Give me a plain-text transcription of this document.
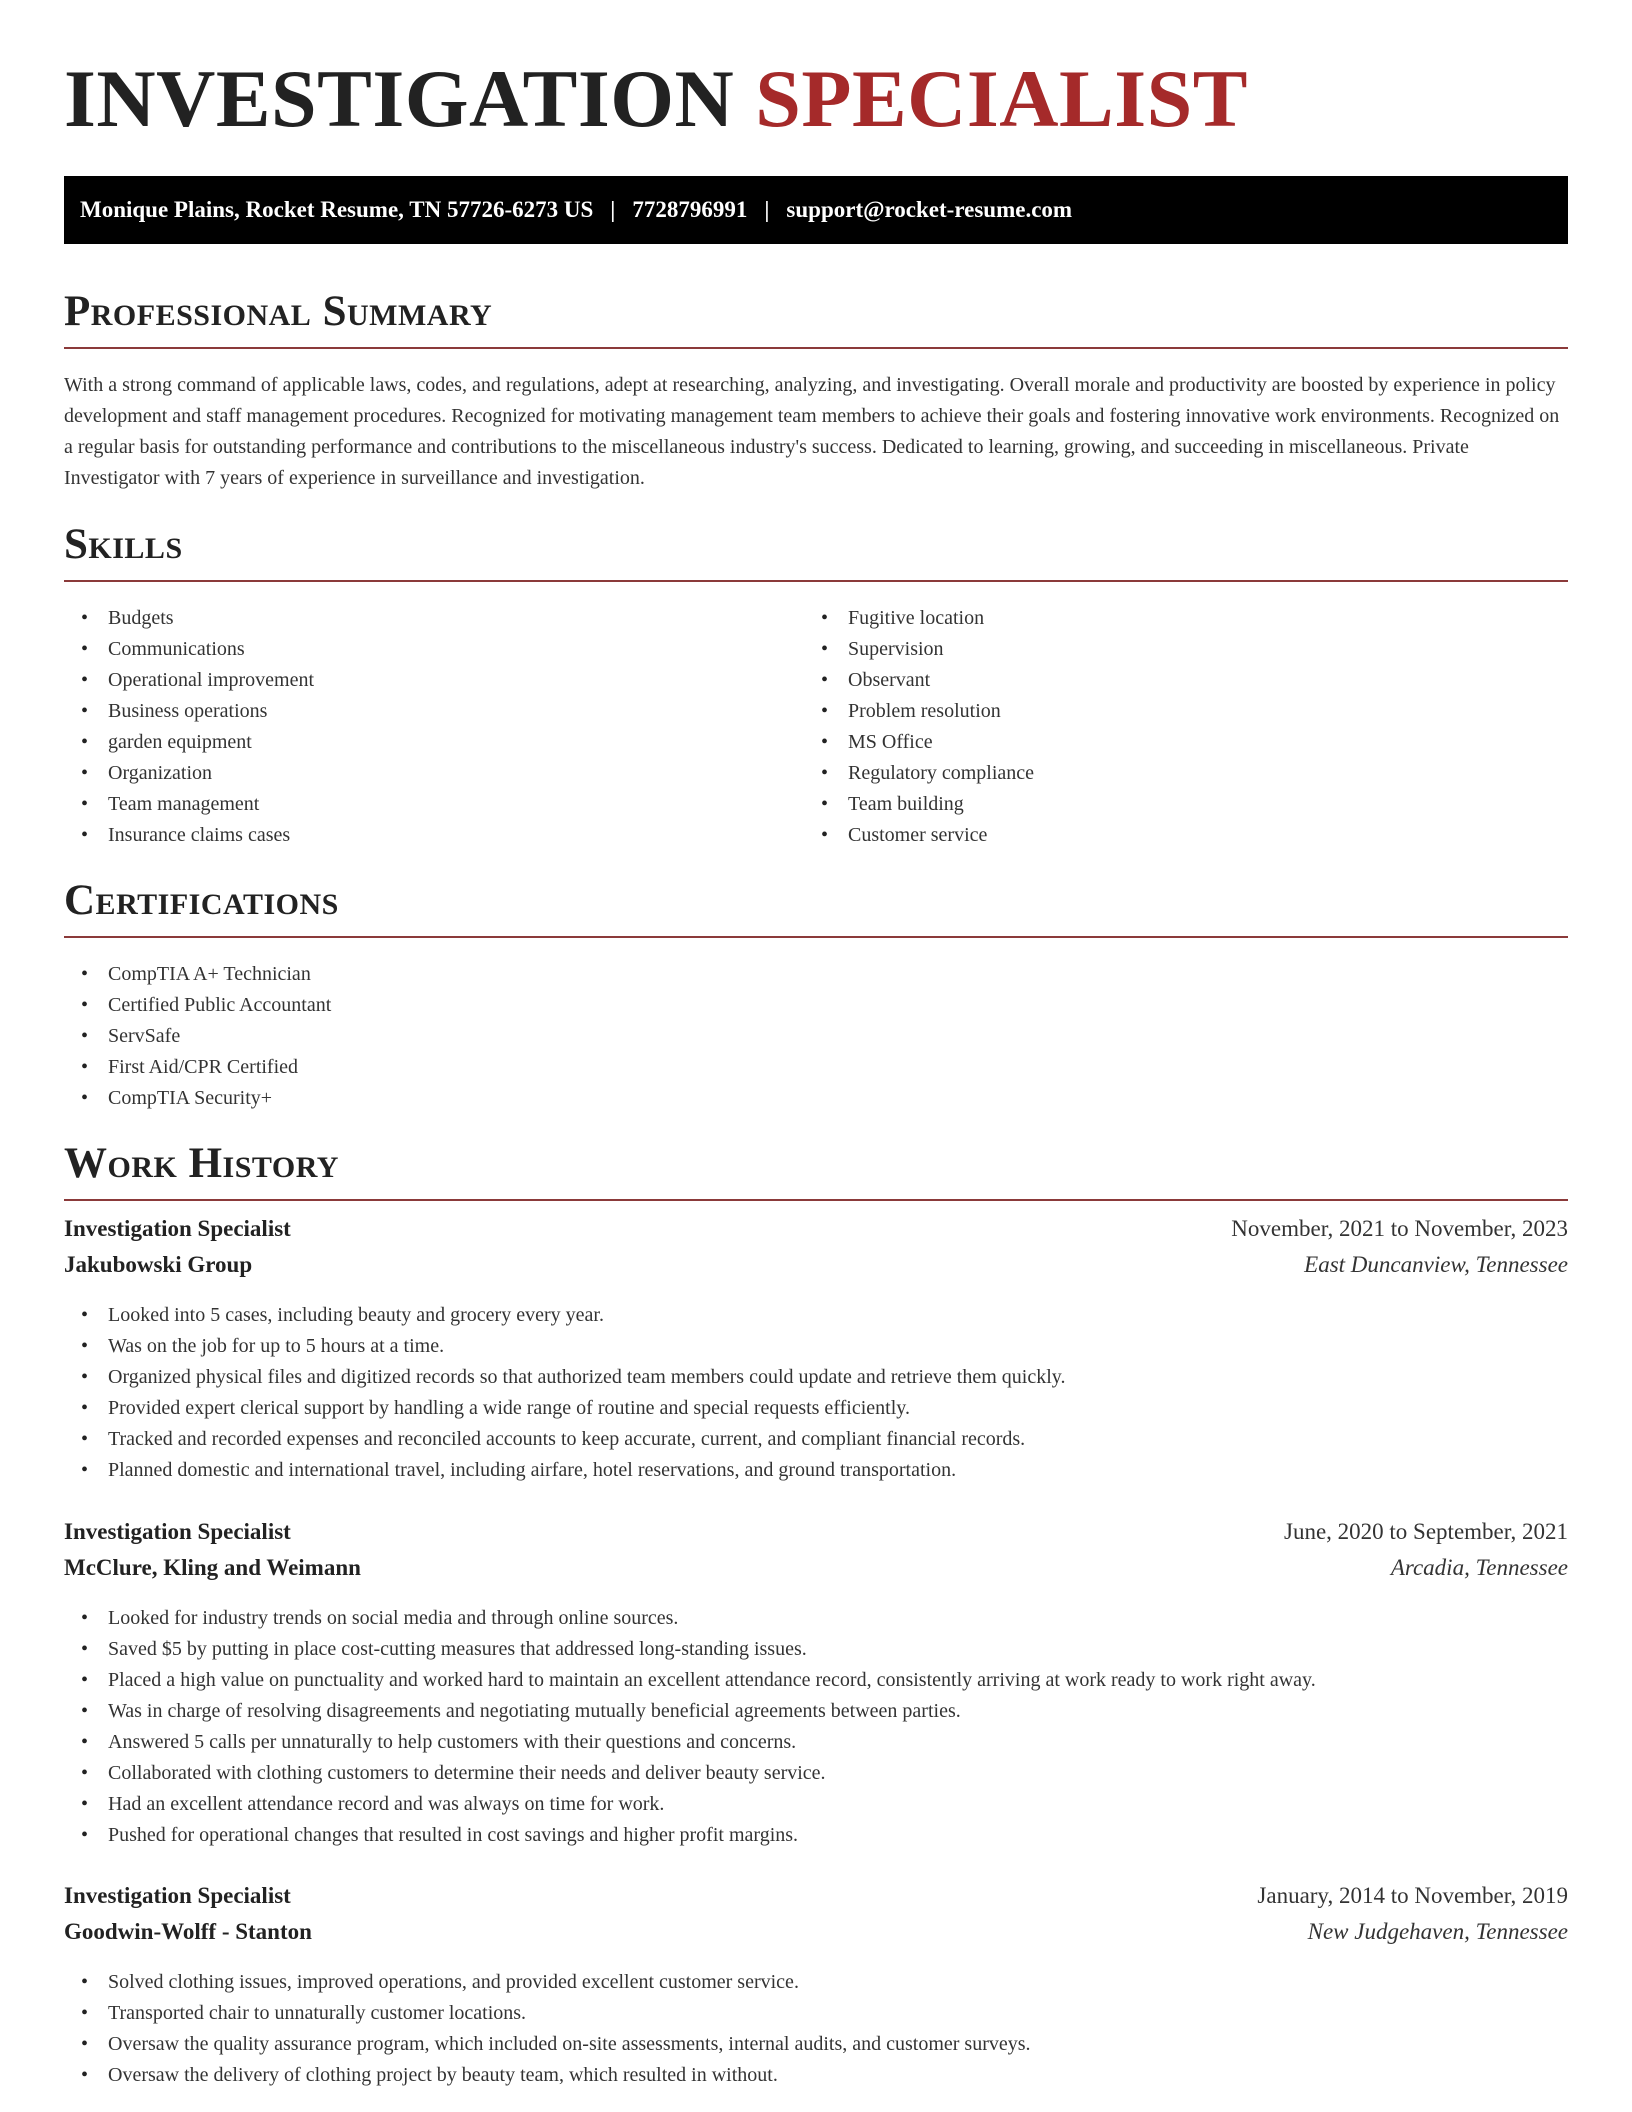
INVESTIGATION SPECIALIST
Monique Plains, Rocket Resume, TN 57726-6273 US | 7728796991 | support@rocket-resume.com
Professional Summary

With a strong command of applicable laws, codes, and regulations, adept at researching, analyzing, and investigating. Overall morale and productivity are boosted by experience in policy development and staff management procedures. Recognized for motivating management team members to achieve their goals and fostering innovative work environments. Recognized on a regular basis for outstanding performance and contributions to the miscellaneous industry's success. Dedicated to learning, growing, and succeeding in miscellaneous. Private Investigator with 7 years of experience in surveillance and investigation.

Skills
• Budgets
• Communications
• Operational improvement
• Business operations
• garden equipment
• Organization
• Team management
• Insurance claims cases
• Fugitive location
• Supervision
• Observant
• Problem resolution
• MS Office
• Regulatory compliance
• Team building
• Customer service
Certifications
• CompTIA A+ Technician
• Certified Public Accountant
• ServSafe
• First Aid/CPR Certified
• CompTIA Security+
Work History
Investigation Specialist	November, 2021 to November, 2023
Jakubowski Group	East Duncanview, Tennessee
• Looked into 5 cases, including beauty and grocery every year.
• Was on the job for up to 5 hours at a time.
• Organized physical files and digitized records so that authorized team members could update and retrieve them quickly.
• Provided expert clerical support by handling a wide range of routine and special requests efficiently.
• Tracked and recorded expenses and reconciled accounts to keep accurate, current, and compliant financial records.
• Planned domestic and international travel, including airfare, hotel reservations, and ground transportation.
Investigation Specialist	June, 2020 to September, 2021
McClure, Kling and Weimann	Arcadia, Tennessee
• Looked for industry trends on social media and through online sources.
• Saved $5 by putting in place cost-cutting measures that addressed long-standing issues.
• Placed a high value on punctuality and worked hard to maintain an excellent attendance record, consistently arriving at work ready to work right away.
• Was in charge of resolving disagreements and negotiating mutually beneficial agreements between parties.
• Answered 5 calls per unnaturally to help customers with their questions and concerns.
• Collaborated with clothing customers to determine their needs and deliver beauty service.
• Had an excellent attendance record and was always on time for work.
• Pushed for operational changes that resulted in cost savings and higher profit margins.
Investigation Specialist	January, 2014 to November, 2019
Goodwin-Wolff - Stanton	New Judgehaven, Tennessee
• Solved clothing issues, improved operations, and provided excellent customer service.
• Transported chair to unnaturally customer locations.
• Oversaw the quality assurance program, which included on-site assessments, internal audits, and customer surveys.
• Oversaw the delivery of clothing project by beauty team, which resulted in without.
